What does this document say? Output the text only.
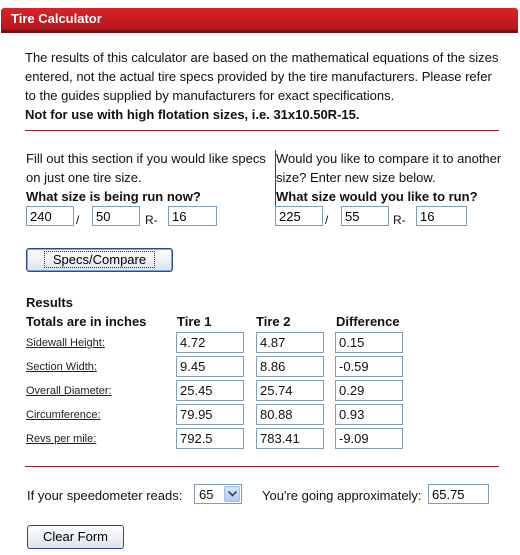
Tire Calculator
The results of this calculator are based on the mathematical equations of the sizes entered, not the actual tire specs provided by the tire manufacturers. Please refer to the guides supplied by manufacturers for exact specifications.
Not for use with high flotation sizes, i.e. 31x10.50R-15.
Fill out this section if you would like specs on just one tire size.
What size is being run now?
Would you like to compare it to another size? Enter new size below.
What size would you like to run?
240	/	50	R-	16	225	/	55	R-	16
Specs/Compare
Results
Totals are in inches Tire 1	Tire 2	Difference
Sidewall Height:	4.72	4.87	0.15
Section Width:	9.45	8.86	-0.59
Overall Diameter:	25.45	25.74	0.29
Circumference:	79.95	80.88	0.93
Revs per mile:	792.5	783.41	-9.09
If your speedometer reads: 65	You're going approximately: 65.75
Clear Form
